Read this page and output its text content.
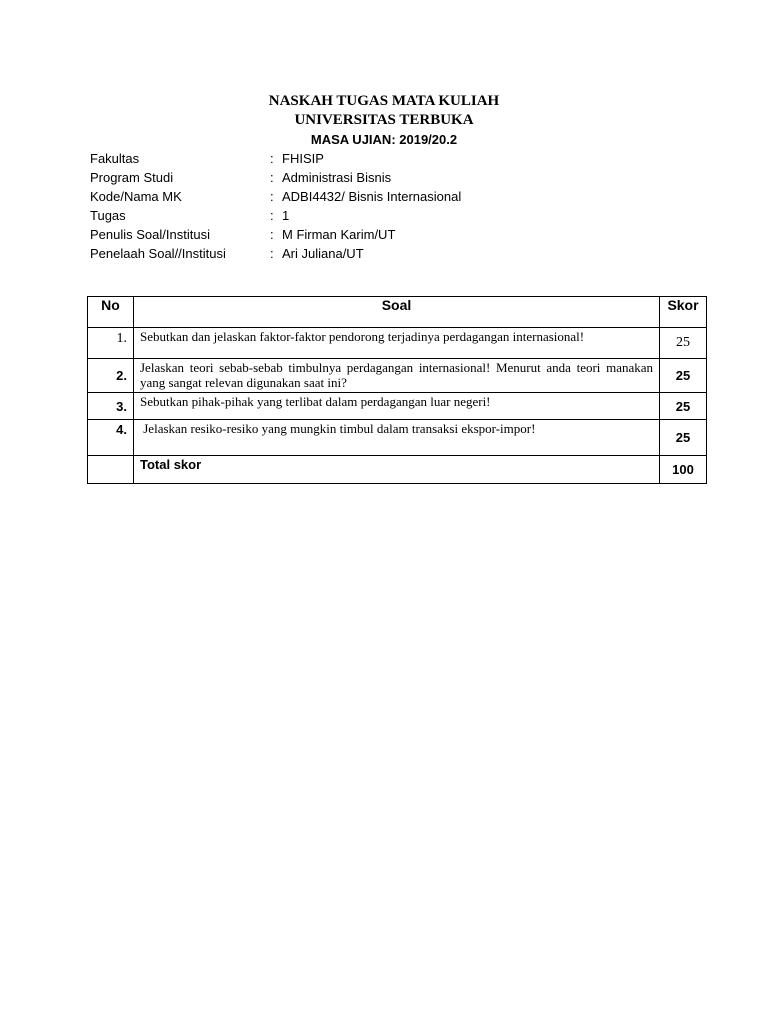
NASKAH TUGAS MATA KULIAH
UNIVERSITAS TERBUKA
MASA UJIAN: 2019/20.2
Fakultas	: FHISIP
Program Studi	: Administrasi Bisnis
Kode/Nama MK	: ADBI4432/ Bisnis Internasional
Tugas	: 1
Penulis Soal/Institusi	: M Firman Karim/UT
Penelaah Soal//Institusi	: Ari Juliana/UT
No	Soal	Skor
1.	Sebutkan dan jelaskan faktor-faktor pendorong terjadinya perdagangan internasional!	25
2.	Jelaskan teori sebab-sebab timbulnya perdagangan internasional! Menurut anda teori manakan yang sangat relevan digunakan saat ini?	25
3.	Sebutkan pihak-pihak yang terlibat dalam perdagangan luar negeri!	25
4.	Jelaskan resiko-resiko yang mungkin timbul dalam transaksi ekspor-impor!	25
	Total skor	100
